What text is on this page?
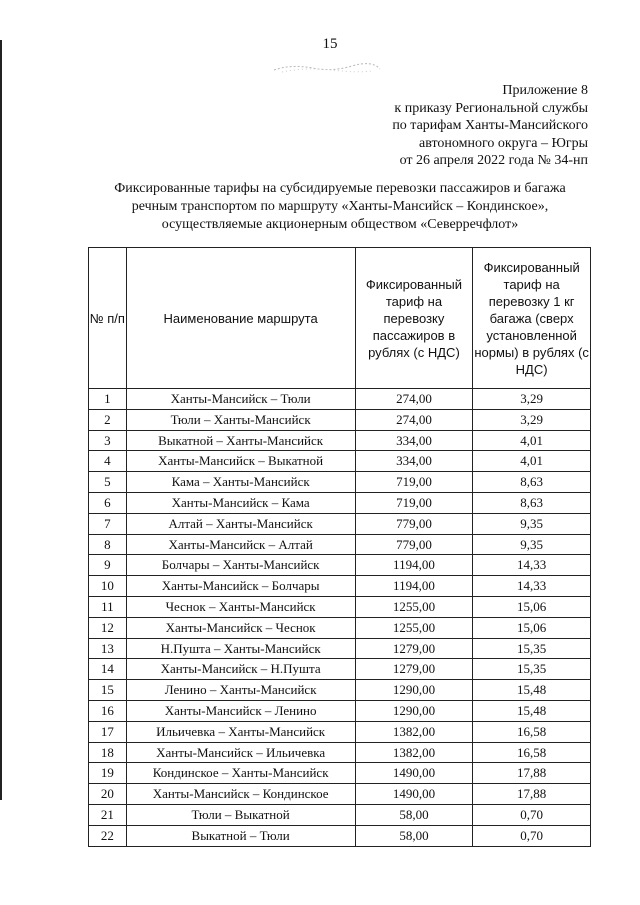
15
Приложение 8
к приказу Региональной службы
по тарифам Ханты-Мансийского
автономного округа – Югры
от 26 апреля 2022 года № 34-нп
Фиксированные тарифы на субсидируемые перевозки пассажиров и багажа
речным транспортом по маршруту «Ханты-Мансийск – Кондинское»,
осуществляемые акционерным обществом «Северречфлот»
№ п/п	Наименование маршрута	Фиксированный тариф на перевозку пассажиров в рублях (с НДС)	Фиксированный тариф на перевозку 1 кг багажа (сверх установленной нормы) в рублях (с НДС)
1	Ханты-Мансийск – Тюли	274,00	3,29
2	Тюли – Ханты-Мансийск	274,00	3,29
3	Выкатной – Ханты-Мансийск	334,00	4,01
4	Ханты-Мансийск – Выкатной	334,00	4,01
5	Кама – Ханты-Мансийск	719,00	8,63
6	Ханты-Мансийск – Кама	719,00	8,63
7	Алтай – Ханты-Мансийск	779,00	9,35
8	Ханты-Мансийск – Алтай	779,00	9,35
9	Болчары – Ханты-Мансийск	1194,00	14,33
10	Ханты-Мансийск – Болчары	1194,00	14,33
11	Чеснок – Ханты-Мансийск	1255,00	15,06
12	Ханты-Мансийск – Чеснок	1255,00	15,06
13	Н.Пушта – Ханты-Мансийск	1279,00	15,35
14	Ханты-Мансийск – Н.Пушта	1279,00	15,35
15	Ленино – Ханты-Мансийск	1290,00	15,48
16	Ханты-Мансийск – Ленино	1290,00	15,48
17	Ильичевка – Ханты-Мансийск	1382,00	16,58
18	Ханты-Мансийск – Ильичевка	1382,00	16,58
19	Кондинское – Ханты-Мансийск	1490,00	17,88
20	Ханты-Мансийск – Кондинское	1490,00	17,88
21	Тюли – Выкатной	58,00	0,70
22	Выкатной – Тюли	58,00	0,70
